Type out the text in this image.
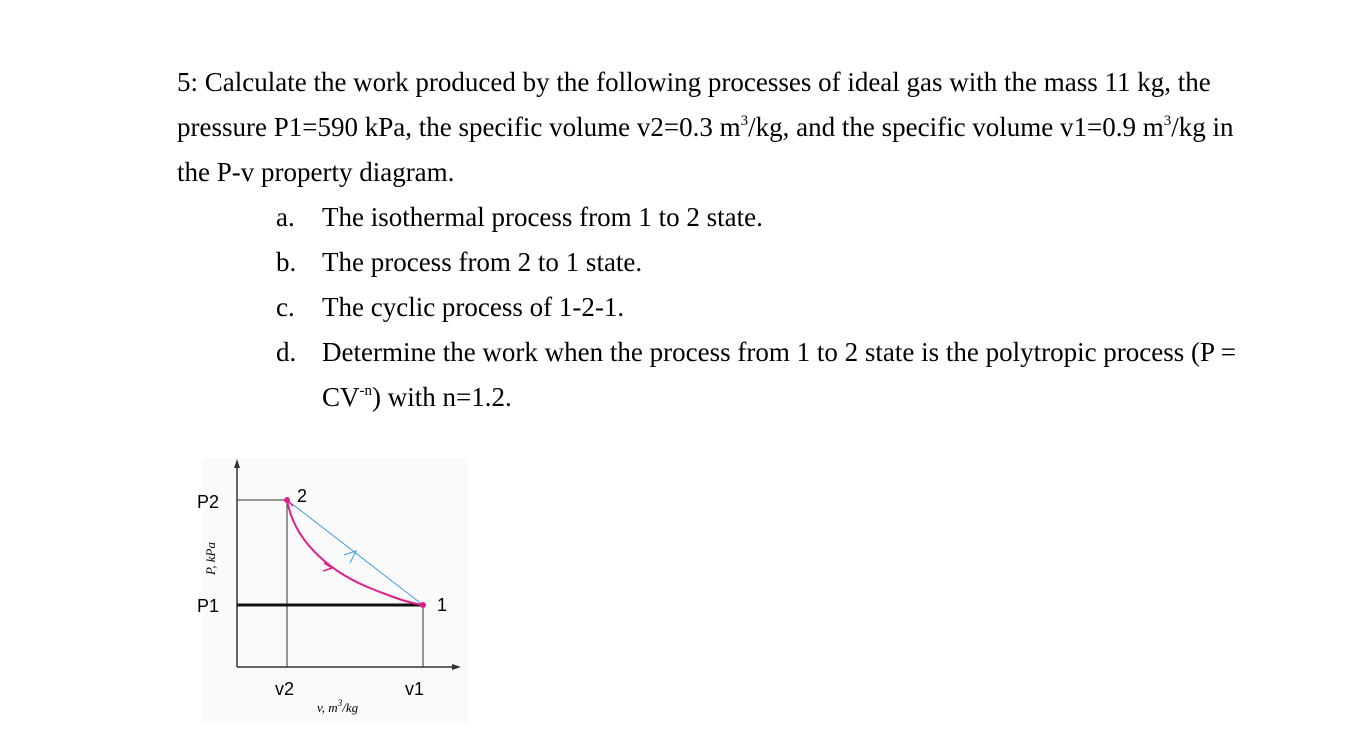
5: Calculate the work produced by the following processes of ideal gas with the mass 11 kg, the pressure P1=590 kPa, the specific volume v2=0.3 $m^3/kg$, and the specific volume v1=0.9 $m^3/kg$ in the P-v property diagram.

a.	The isothermal process from 1 to 2 state.
b. The process from 2 to 1 state.
c.	The cyclic process of 1-2-1.
d. Determine the work when the process from 1 to 2 state is the polytropic process $(P = CV^{-n})$ with n=1.2.
P2
P1
P, kPa
2
1
v2	v1
v, $m^3/kg$
